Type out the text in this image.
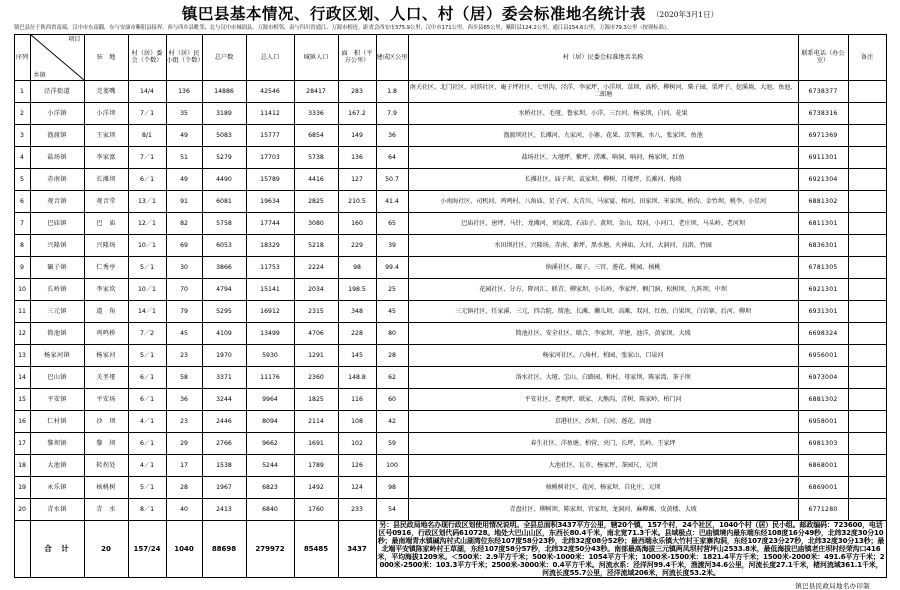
镇巴县基本情况、行政区划、人口、村（居）委会标准地名统计表 （2020年3月1日）
镇巴县位于陕西省南端，汉中市东南隅，东与安康市紫阳县接界，西与西乡县毗邻，北与汉中市城固县、万源市相邻，南与四川省通江、万源市相连。距省会西安市375.9公里，汉中市171公里，西乡县65公里，紫阳县124.2公里，通江县154.6公里，万源市79.3公里（按现标准）。
序列	项目
乡镇	驻　地	村（居）委会（个数）	村（居）民小组（个数）	总户数	总人口	城镇人口	面　积（平方公里）	建成区公里	村（居）民委会标准地名名称	联系电话（办公室）	备注
1	泾洋街道	芫荽嘴	14/4	136	14886	42546	28417	283	1.8	南关社区、北门社区、河滨社区、庵子坪社区、七里沟、泾洋、李家坪、小洋坝、草坝、高桥、柳树河、柴子园、栗坪子、挖溪埫、大池、鱼池、二郎塘	6738377	
2	小洋镇	小洋坝	7／1	35	3189	11412	3336	167.2	7.9	水桥社区、毛垭、鲁家坝、小洋、三台河、杨家坝、白河、花果	6738316	
3	渔渡镇	王家坝	8/1	49	5083	15777	6854	149	36	渔渡坝社区、长滩河、九家河、小寨、花果、京垩匾、水八、张家坝、鱼池	6971369	
4	盐场镇	李家富	7／1	51	5279	17703	5738	136	64	盐场社区、大垭坪、紫坪、涝滩、响洞、响河、杨家坝、红鱼	6911301	
5	赤南镇	长滩坝	6／1	49	4490	15789	4416	127	50.7	长滩社区、庙子坝、袁家坝、柳树、月垭坪、长滩河、梅坡	6921304	
6	观音镇	观音堂	13／1	91	6081	19634	2825	210.5	41.4	小南海社区、司机河、鸡鸣村、八角庙、星子河、大青川、马家宴、榕河、田家坝、米家坝、桥沟、金竹坝、桃李、小星河	6881302	
7	巴庙镇	巴　庙	12／1	82	5758	17744	3080	160	65	巴庙社区、唐坪、马针、龙滩河、刘家湾、石庙子、黄坝、金山、双河、小河口、老庄坝、马头岭、老河坝	6811301	
8	兴隆镇	兴隆场	10／1	69	6053	18329	5218	229	39	水田坝社区、兴隆场、赤南、素坪、黑水塘、火神庙、大河、大洞河、良洪、竹园	6836301	
9	碾子镇	仁秀亭	5／1	30	3866	11753	2224	98	99.4	纳溪社区、碾子、三官、莲花、桃园、核桃	6781305	
10	长岭镇	李家坎	10／1	70	4794	15141	2034	198.5	25	花园社区、分方、降河汇、联青、柳家坝、小长岭、李家坪、枫门洞、松树坝、九阵坝、中坝	6921301	
11	三元镇	道　角	14／1	79	5295	16912	2315	348	45	三元镇社区、任家溪、三元、四合院、简池、长滩、狮儿坝、高滩、双河、红鱼、白果坝、白岩寨、后河、柳坝	6931301	
12	简池镇	鸡鸣桥	7／2	45	4109	13499	4706	228	80	简池社区、安全社区、联合、李家坝、苹建、池洋、黄家坝、大坡	6698324	
13	杨家河镇	杨家河	5／1	23	1970	5930	1291	145	28	杨家河社区、八角村、柏园、张家山、口泉河	6956001	
14	巴山镇	关垩垭	6／1	58	3371	11176	2360	148.8	62	洛水社区、大垭、宝山、白路园、和村、母家坝、陈家湾、茶子坝	6973004	
15	平安镇	平安场	6／1	36	3244	9964	1825	116	60	平安社区、老观坪、联家、大熊沟、青树、陈家岭、柏门河	6881302	
16	仁村镇	沙　坝	4／1	23	2446	8094	2114	108	42	京港社区、沙坝、白河、莲花、固池	6958001	
17	黎坝镇	黎　坝	6／1	29	2766	9662	1691	102	59	春生社区、洋鱼塘、柏营、央门、长坪、长岭、王家坪	6981303	
18	大池镇	转拐处	4／1	17	1538	5244	1789	126	100	大池社区、瓦市、杨家坪、茶园尺、元坝	6868001	
19	永乐镇	核桃树	5／1	28	1967	6823	1492	124	98	核桃树社区、花河、杨家坝、自化庄、元坝	6869001	
20	青水镇	青　水	8／1	40	2413	6840	1760	233	54	青盘社区、柳树坝、陈家坝、官家坝、龙洞河、麻柳滩、皮黄楼、大坡	6771280	
	合　计	20	157/24	1040	88698	279972	85485	3437	另：县民政局地名办现行政区划使用情况说明。全县总面积3437平方公里，辖20个镇，157个村，24个社区，1040个村（居）民小组。邮政编码：723600，电话区号0916，行政区划代码610728。地处大巴山山区，东西长80.4千米，南北宽71.3千米。县域极点：巴庙镇境内最东端东经108度16分49秒，北纬32度30分10秒；最南端青水镇碱沟村式山湖湾位东经107度58分23秒，北纬32度08分52秒；最西端永乐镇大竹村王家寨沟洞，东经107度23分27秒，北纬32度30分13秒；最北端平安镇陈家岭村王草湖，东经107度58分57秒，北纬32度50分43秒。南部最高海拔三元镇两凤坝村营坪山2533.8米，最低海拔巴庙镇老庄坝村经荣沟口416米，平均海拔1209米。＜500米：2.9平方千米；500米-1000米：1054平方千米；1000米-1500米：1821.4平方千米；1500米-2000米：491.6平方千米；2000米-2500米：103.3平方千米；2500米-3000米：0.4平方千米。河流水系：泾洋河99.4千米，渔渡河34.6公里，河流长度27.1千米，楮河流域361.1千米，河流长度55.7公里，泾洋流域206米，河流长度53.2米。			
镇巴县民政局地名办印制
